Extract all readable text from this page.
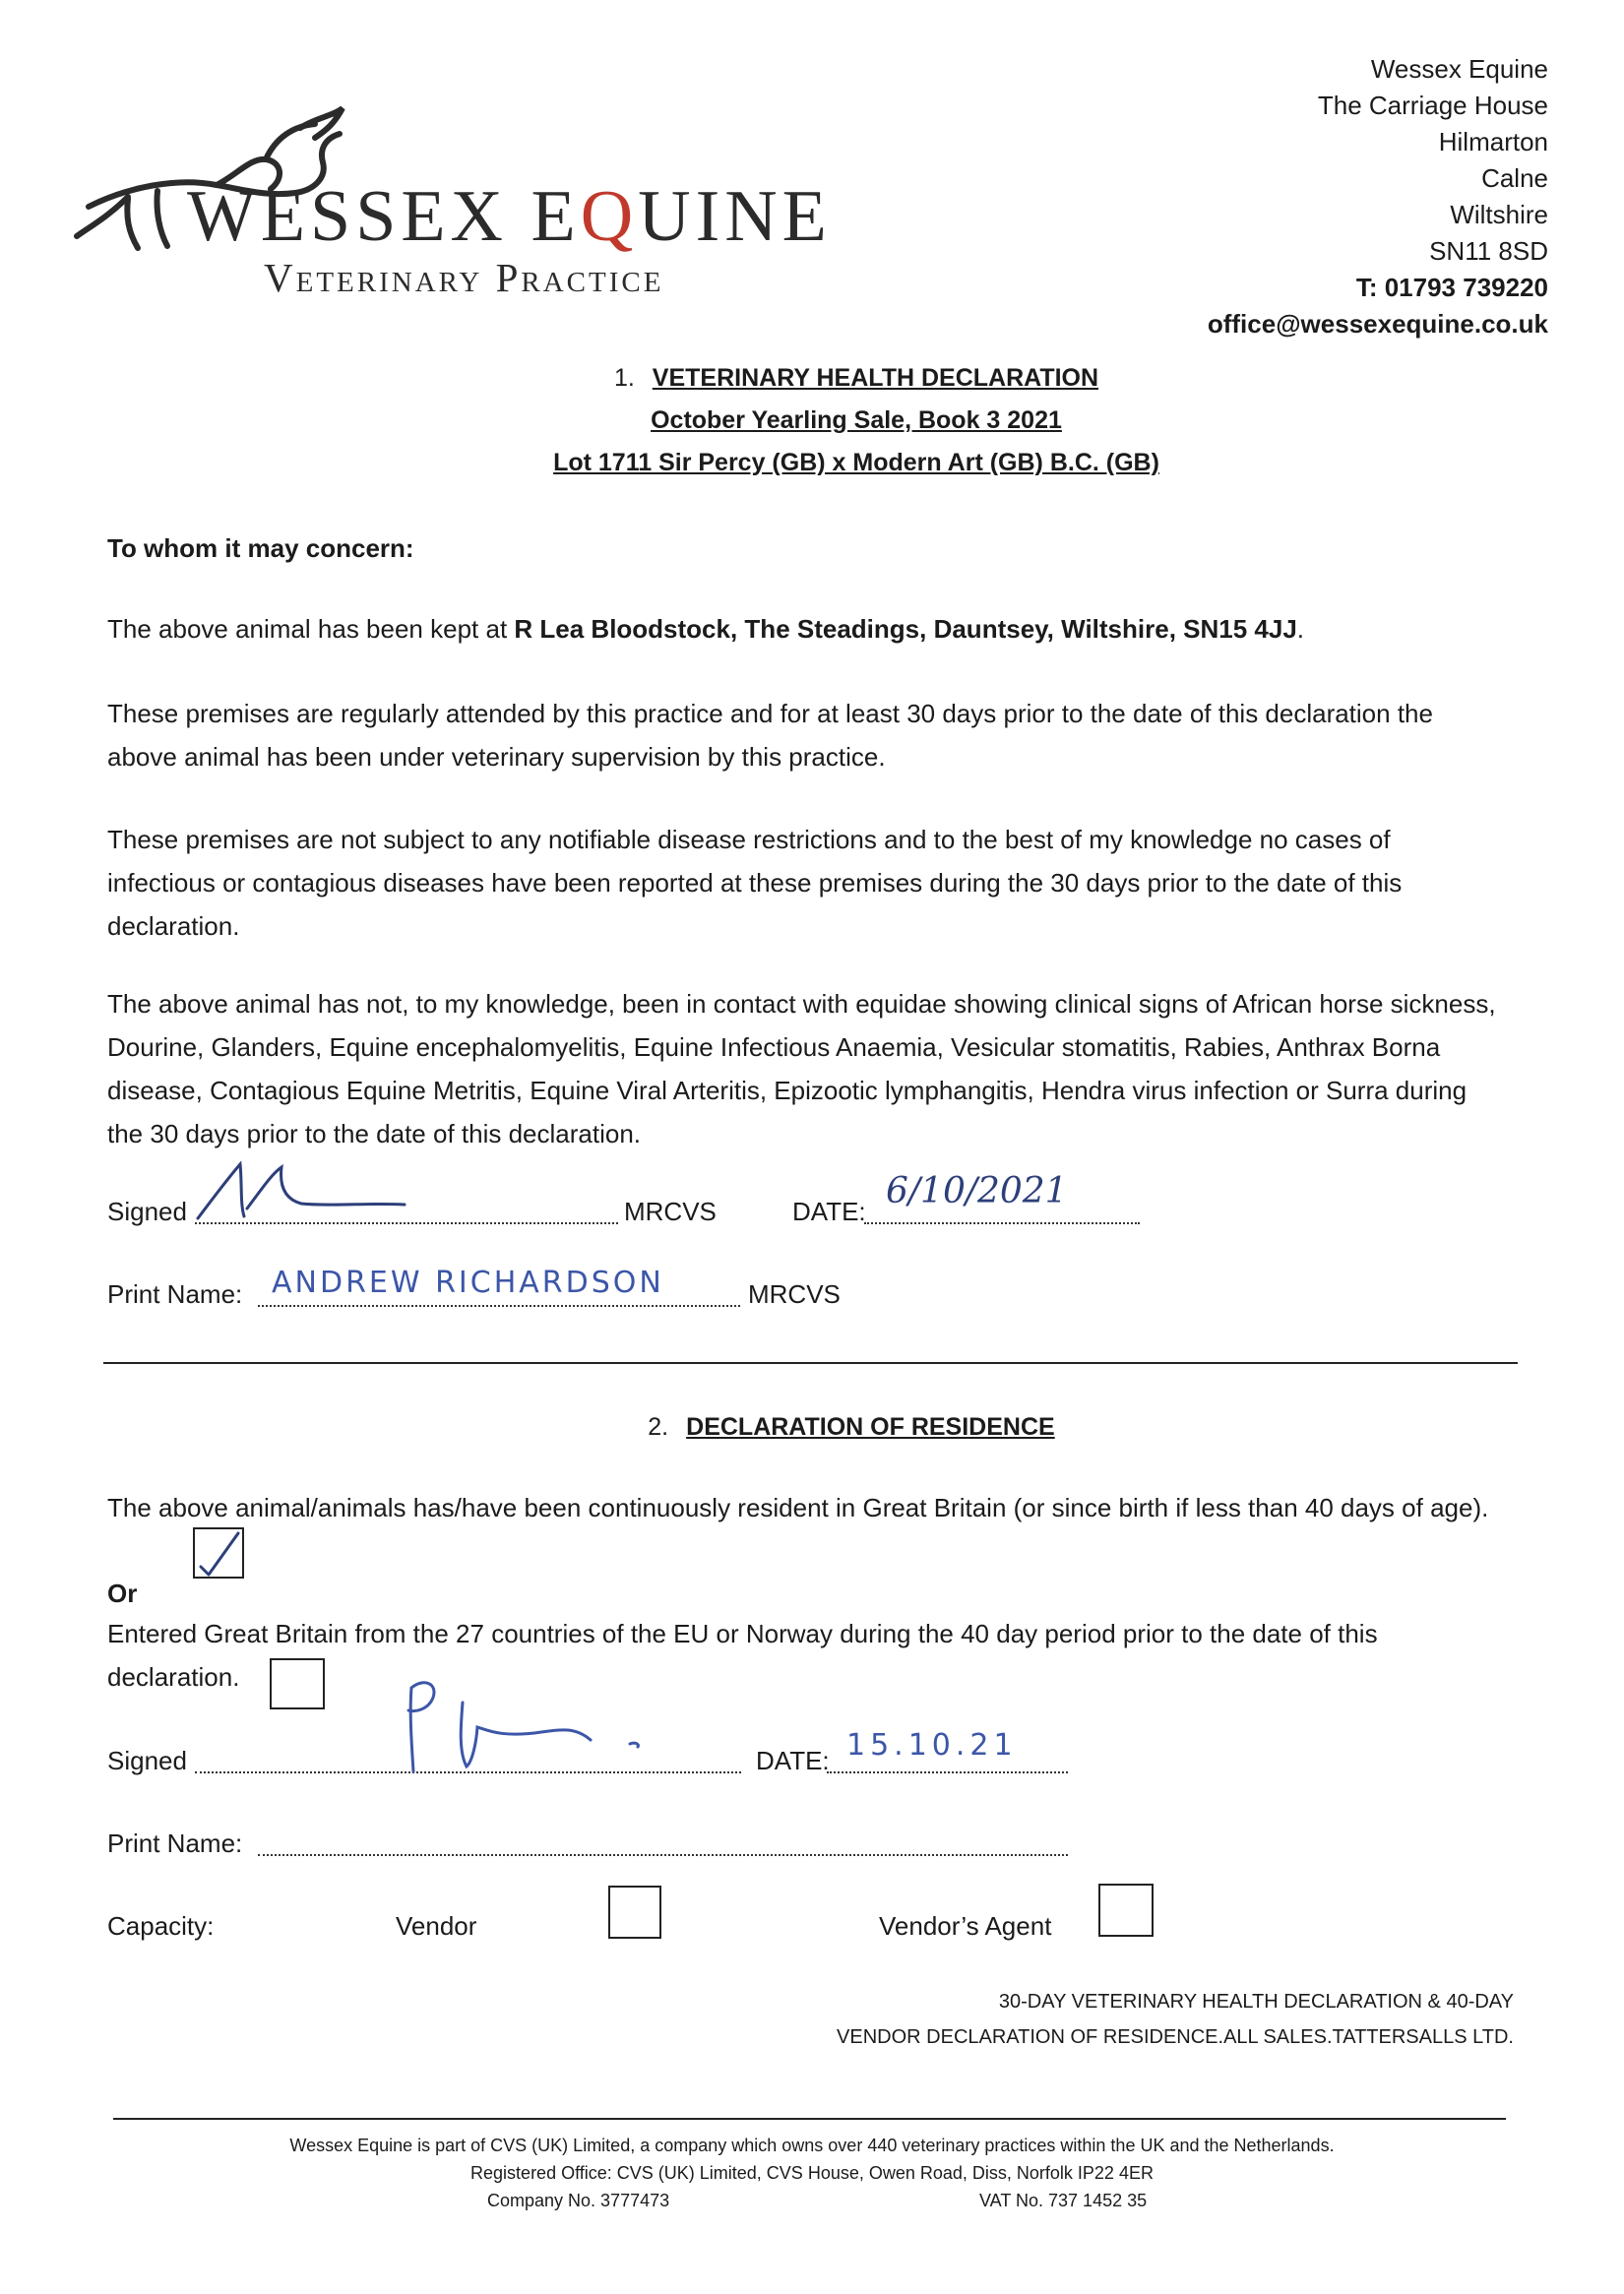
WESSEX EQUINE
Veterinary Practice
Wessex Equine
The Carriage House
Hilmarton
Calne
Wiltshire
SN11 8SD
T: 01793 739220
office@wessexequine.co.uk
1. VETERINARY HEALTH DECLARATION
October Yearling Sale, Book 3 2021
Lot 1711 Sir Percy (GB) x Modern Art (GB) B.C. (GB)
To whom it may concern:
The above animal has been kept at R Lea Bloodstock, The Steadings, Dauntsey, Wiltshire, SN15 4JJ.
These premises are regularly attended by this practice and for at least 30 days prior to the date of this declaration the above animal has been under veterinary supervision by this practice.
These premises are not subject to any notifiable disease restrictions and to the best of my knowledge no cases of infectious or contagious diseases have been reported at these premises during the 30 days prior to the date of this declaration.
The above animal has not, to my knowledge, been in contact with equidae showing clinical signs of African horse sickness, Dourine, Glanders, Equine encephalomyelitis, Equine Infectious Anaemia, Vesicular stomatitis, Rabies, Anthrax Borna disease, Contagious Equine Metritis, Equine Viral Arteritis, Epizootic lymphangitis, Hendra virus infection or Surra during the 30 days prior to the date of this declaration.
Signed	MRCVS	DATE: 6/10/2021
Print Name: ANDREW RICHARDSON	MRCVS
2. DECLARATION OF RESIDENCE
The above animal/animals has/have been continuously resident in Great Britain (or since birth if less than 40 days of age).
Or
Entered Great Britain from the 27 countries of the EU or Norway during the 40 day period prior to the date of this declaration.
Signed	DATE: 15.10.21
Print Name:
Capacity:	Vendor	Vendor’s Agent
30-DAY VETERINARY HEALTH DECLARATION & 40-DAY
VENDOR DECLARATION OF RESIDENCE.ALL SALES.TATTERSALLS LTD.
Wessex Equine is part of CVS (UK) Limited, a company which owns over 440 veterinary practices within the UK and the Netherlands.
Registered Office: CVS (UK) Limited, CVS House, Owen Road, Diss, Norfolk IP22 4ER
Company No. 3777473	VAT No. 737 1452 35
